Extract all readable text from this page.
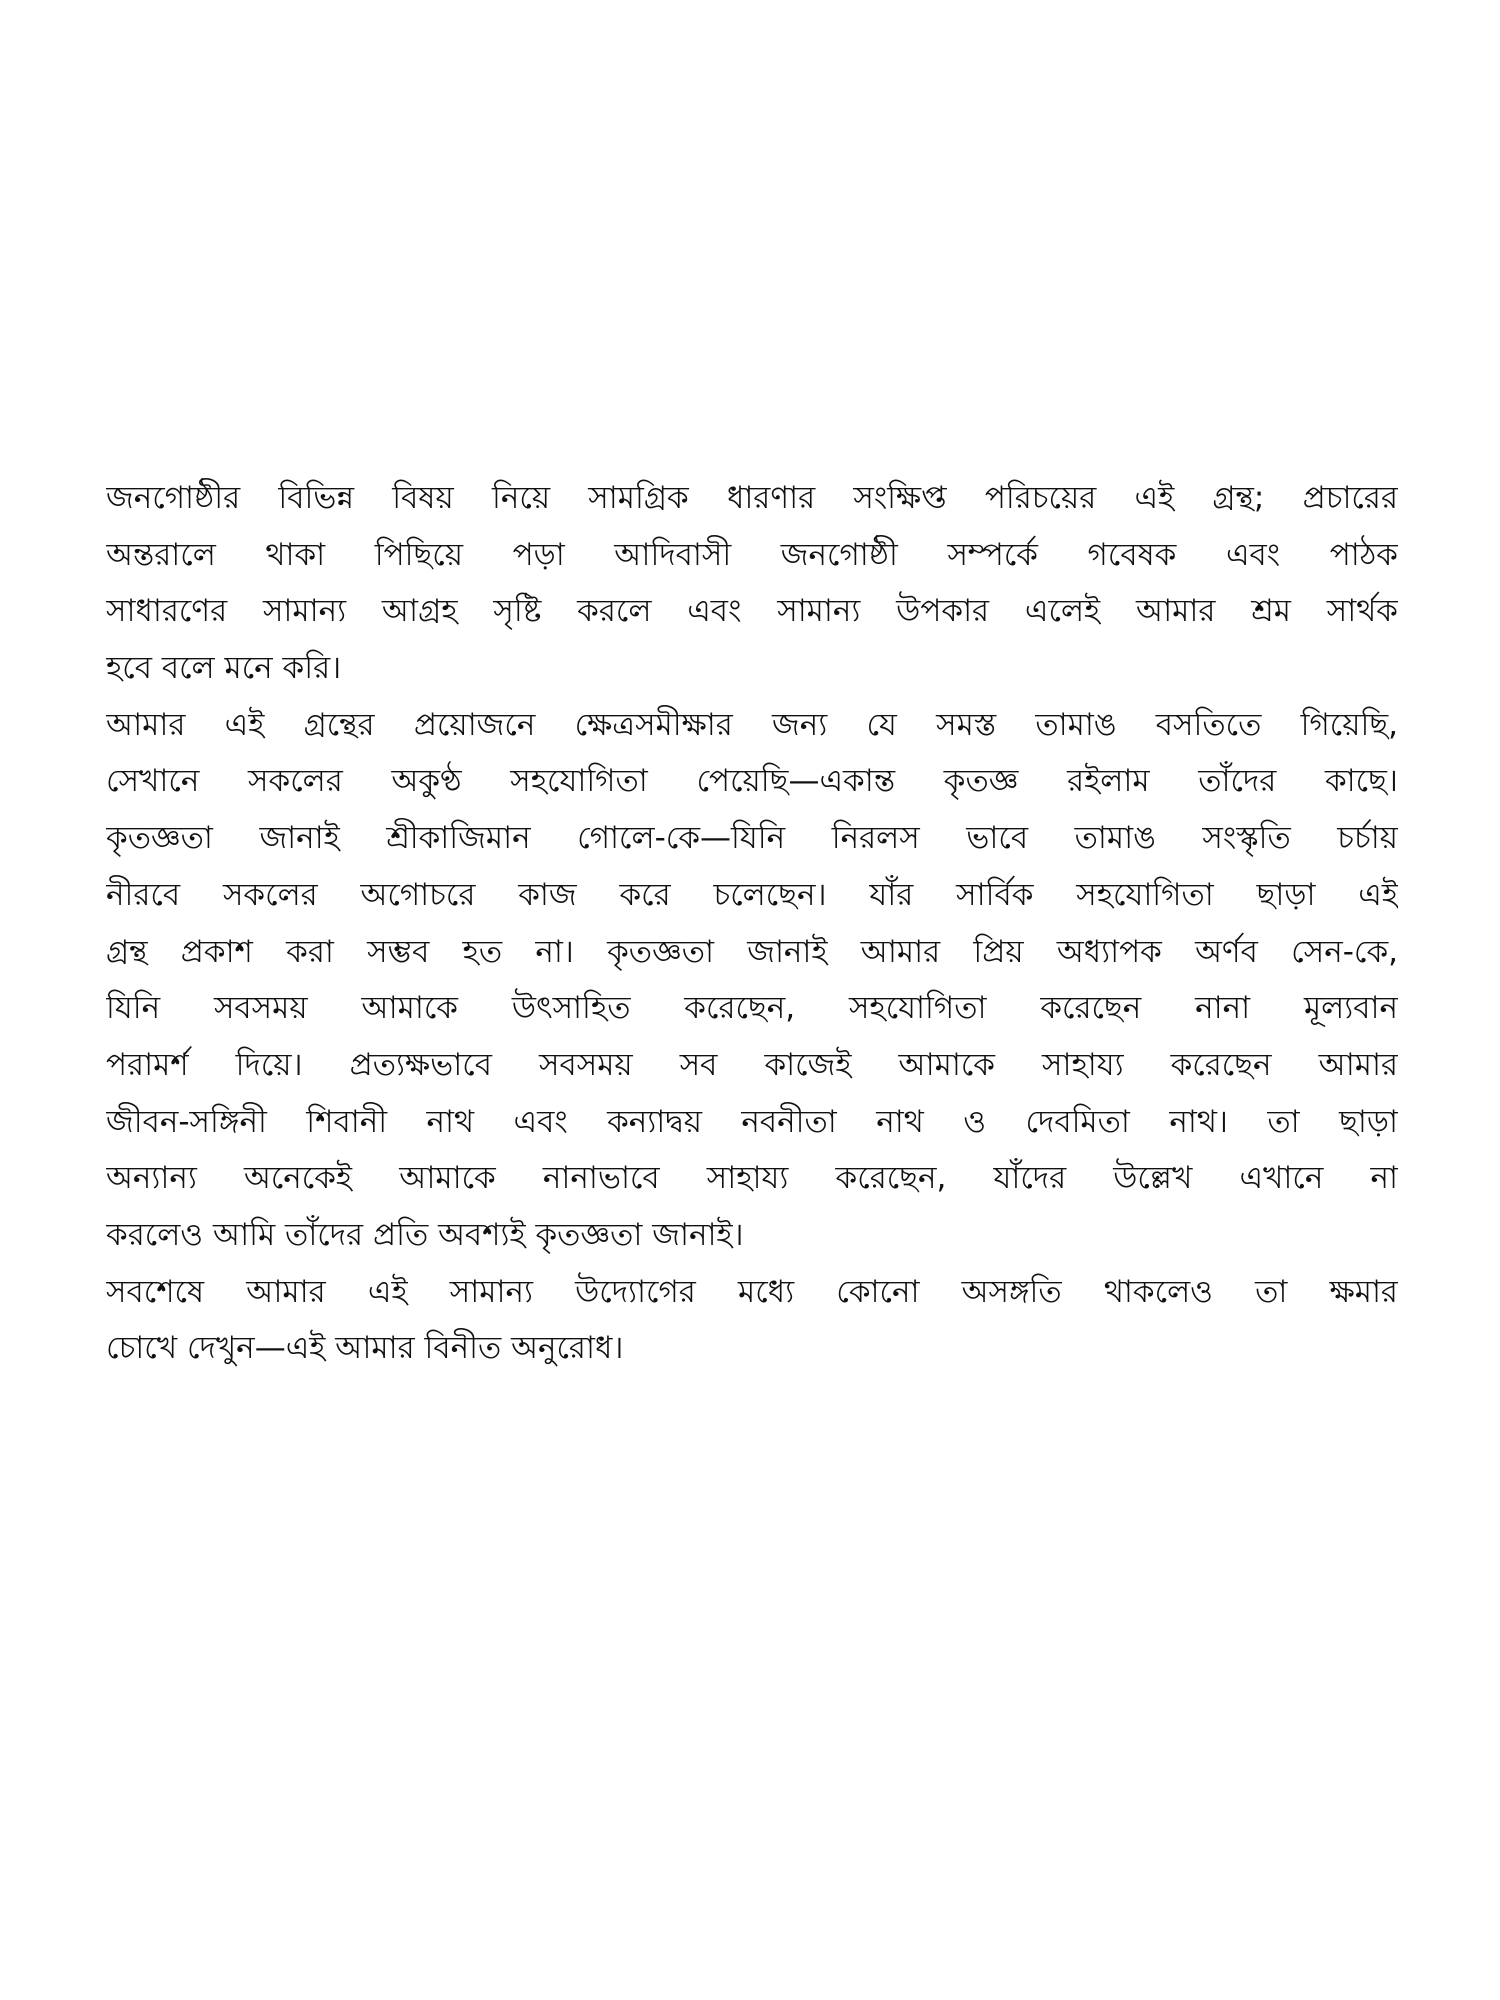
জনগোষ্ঠীর বিভিন্ন বিষয় নিয়ে সামগ্রিক ধারণার সংক্ষিপ্ত পরিচয়ের এই গ্রন্থ; প্রচারের
অন্তরালে থাকা পিছিয়ে পড়া আদিবাসী জনগোষ্ঠী সম্পর্কে গবেষক এবং পাঠক
সাধারণের সামান্য আগ্রহ সৃষ্টি করলে এবং সামান্য উপকার এলেই আমার শ্রম সার্থক
হবে বলে মনে করি।
আমার এই গ্রন্থের প্রয়োজনে ক্ষেত্রসমীক্ষার জন্য যে সমস্ত তামাঙ বসতিতে গিয়েছি,
সেখানে সকলের অকুণ্ঠ সহযোগিতা পেয়েছি—একান্ত কৃতজ্ঞ রইলাম তাঁদের কাছে।
কৃতজ্ঞতা জানাই শ্রীকাজিমান গোলে-কে—যিনি নিরলস ভাবে তামাঙ সংস্কৃতি চর্চায়
নীরবে সকলের অগোচরে কাজ করে চলেছেন। যাঁর সার্বিক সহযোগিতা ছাড়া এই
গ্রন্থ প্রকাশ করা সম্ভব হত না। কৃতজ্ঞতা জানাই আমার প্রিয় অধ্যাপক অর্ণব সেন-কে,
যিনি সবসময় আমাকে উৎসাহিত করেছেন, সহযোগিতা করেছেন নানা মূল্যবান
পরামর্শ দিয়ে। প্রত্যক্ষভাবে সবসময় সব কাজেই আমাকে সাহায্য করেছেন আমার
জীবন-সঙ্গিনী শিবানী নাথ এবং কন্যাদ্বয় নবনীতা নাথ ও দেবমিতা নাথ। তা ছাড়া
অন্যান্য অনেকেই আমাকে নানাভাবে সাহায্য করেছেন, যাঁদের উল্লেখ এখানে না
করলেও আমি তাঁদের প্রতি অবশ্যই কৃতজ্ঞতা জানাই।
সবশেষে আমার এই সামান্য উদ্যোগের মধ্যে কোনো অসঙ্গতি থাকলেও তা ক্ষমার
চোখে দেখুন—এই আমার বিনীত অনুরোধ।
